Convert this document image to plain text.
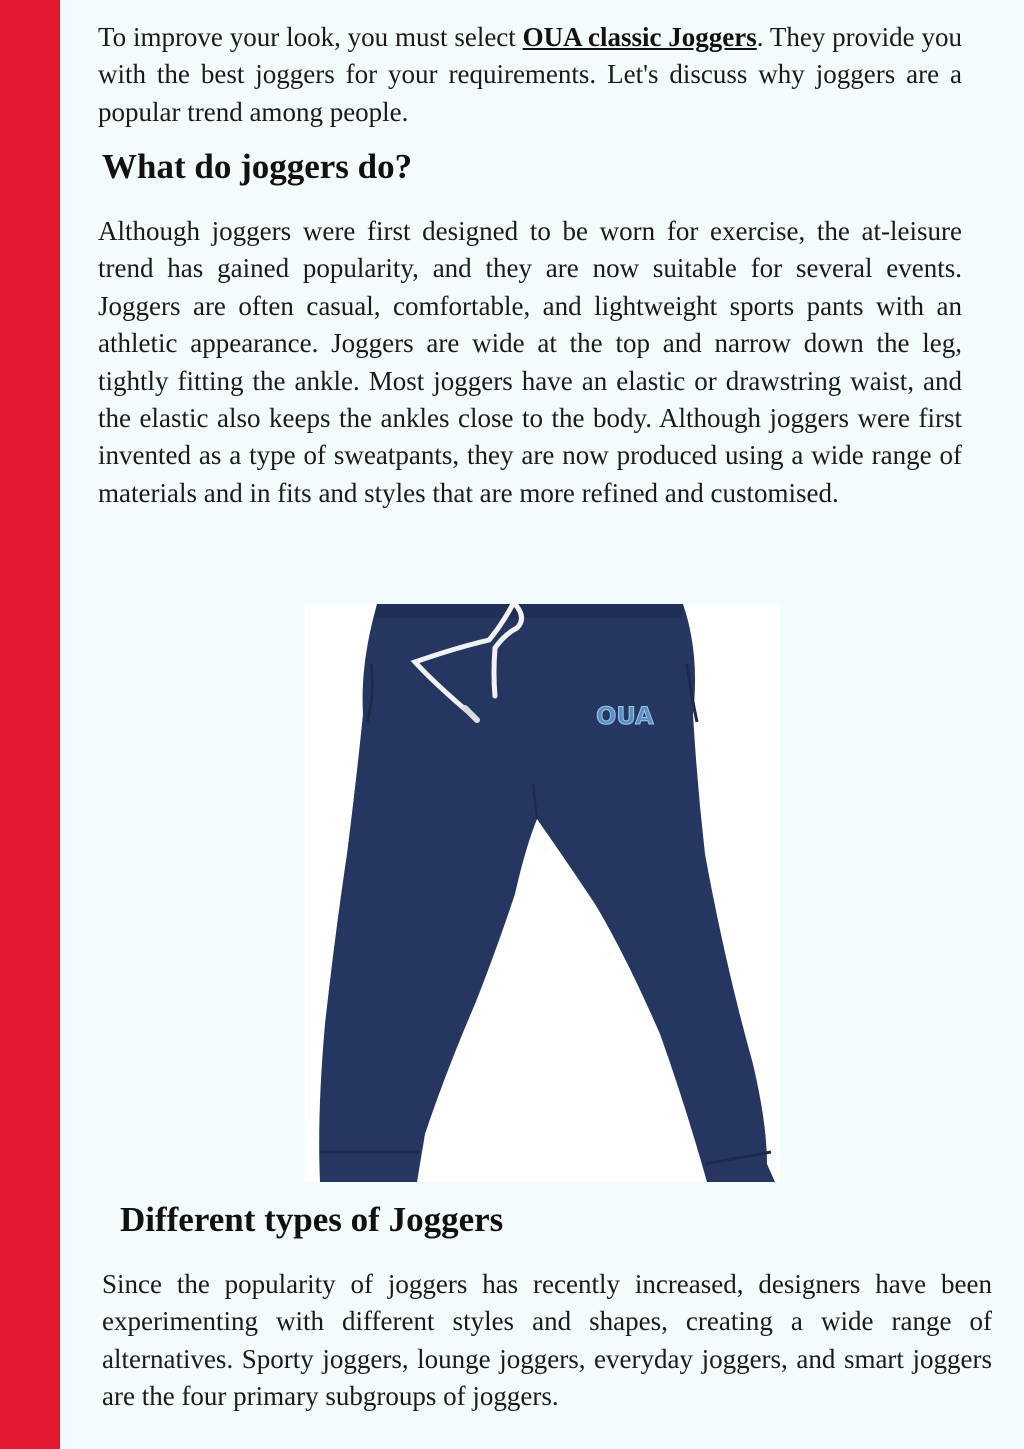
To improve your look, you must select OUA classic Joggers. They provide you with the best joggers for your requirements. Let's discuss why joggers are a popular trend among people.

What do joggers do?

Although joggers were first designed to be worn for exercise, the at-leisure trend has gained popularity, and they are now suitable for several events. Joggers are often casual, comfortable, and lightweight sports pants with an athletic appearance. Joggers are wide at the top and narrow down the leg, tightly fitting the ankle. Most joggers have an elastic or drawstring waist, and the elastic also keeps the ankles close to the body. Although joggers were first invented as a type of sweatpants, they are now produced using a wide range of materials and in fits and styles that are more refined and customised.

OUA
Different types of Joggers

Since the popularity of joggers has recently increased, designers have been experimenting with different styles and shapes, creating a wide range of alternatives. Sporty joggers, lounge joggers, everyday joggers, and smart joggers are the four primary subgroups of joggers.
